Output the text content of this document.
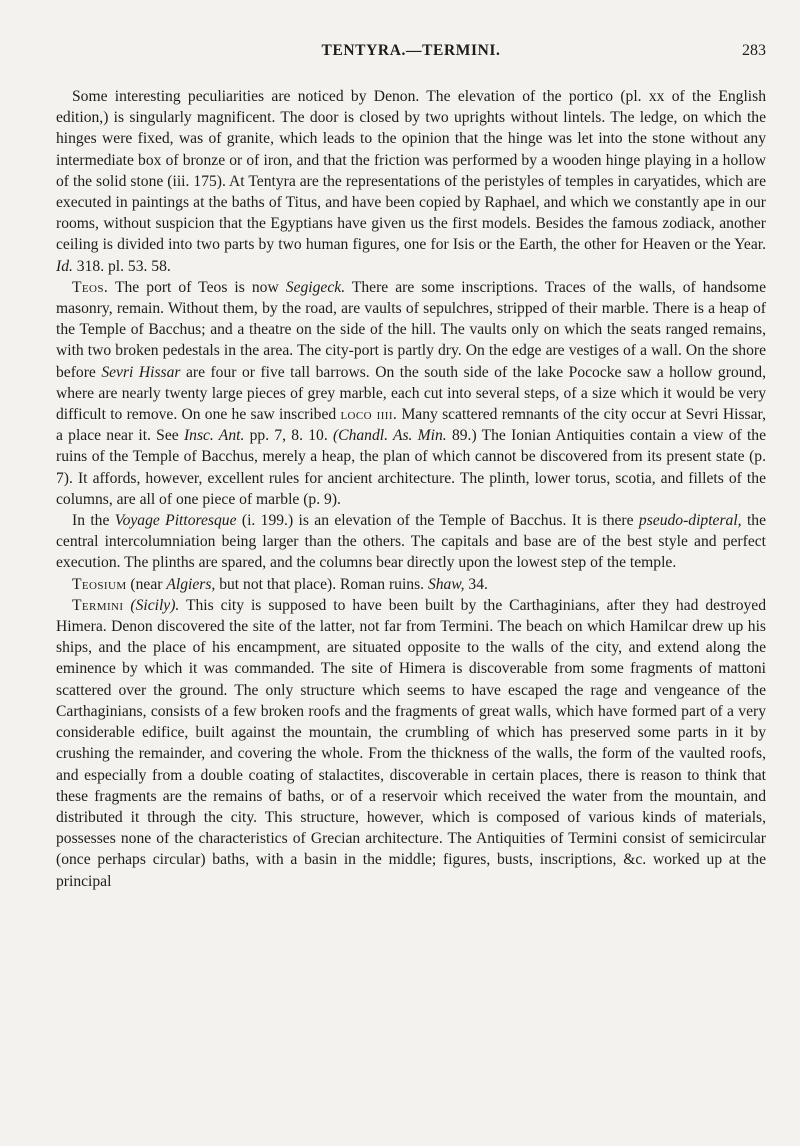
TENTYRA.—TERMINI.	283

Some interesting peculiarities are noticed by Denon. The elevation of the portico (pl. xx of the English edition,) is singularly magnificent. The door is closed by two uprights without lintels. The ledge, on which the hinges were fixed, was of granite, which leads to the opinion that the hinge was let into the stone without any intermediate box of bronze or of iron, and that the friction was performed by a wooden hinge playing in a hollow of the solid stone (iii. 175). At Tentyra are the representations of the peristyles of temples in caryatides, which are executed in paintings at the baths of Titus, and have been copied by Raphael, and which we constantly ape in our rooms, without suspicion that the Egyptians have given us the first models. Besides the famous zodiack, another ceiling is divided into two parts by two human figures, one for Isis or the Earth, the other for Heaven or the Year. Id. 318. pl. 53. 58.

Teos. The port of Teos is now Segigeck. There are some inscriptions. Traces of the walls, of handsome masonry, remain. Without them, by the road, are vaults of sepulchres, stripped of their marble. There is a heap of the Temple of Bacchus; and a theatre on the side of the hill. The vaults only on which the seats ranged remains, with two broken pedestals in the area. The city-port is partly dry. On the edge are vestiges of a wall. On the shore before Sevri Hissar are four or five tall barrows. On the south side of the lake Pococke saw a hollow ground, where are nearly twenty large pieces of grey marble, each cut into several steps, of a size which it would be very difficult to remove. On one he saw inscribed loco iiii. Many scattered remnants of the city occur at Sevri Hissar, a place near it. See Insc. Ant. pp. 7, 8. 10. (Chandl. As. Min. 89.) The Ionian Antiquities contain a view of the ruins of the Temple of Bacchus, merely a heap, the plan of which cannot be discovered from its present state (p. 7). It affords, however, excellent rules for ancient architecture. The plinth, lower torus, scotia, and fillets of the columns, are all of one piece of marble (p. 9).

In the Voyage Pittoresque (i. 199.) is an elevation of the Temple of Bacchus. It is there pseudo-dipteral, the central intercolumniation being larger than the others. The capitals and base are of the best style and perfect execution. The plinths are spared, and the columns bear directly upon the lowest step of the temple.

Teosium (near Algiers, but not that place). Roman ruins. Shaw, 34.

Termini (Sicily). This city is supposed to have been built by the Carthaginians, after they had destroyed Himera. Denon discovered the site of the latter, not far from Termini. The beach on which Hamilcar drew up his ships, and the place of his encampment, are situated opposite to the walls of the city, and extend along the eminence by which it was commanded. The site of Himera is discoverable from some fragments of mattoni scattered over the ground. The only structure which seems to have escaped the rage and vengeance of the Carthaginians, consists of a few broken roofs and the fragments of great walls, which have formed part of a very considerable edifice, built against the mountain, the crumbling of which has preserved some parts in it by crushing the remainder, and covering the whole. From the thickness of the walls, the form of the vaulted roofs, and especially from a double coating of stalactites, discoverable in certain places, there is reason to think that these fragments are the remains of baths, or of a reservoir which received the water from the mountain, and distributed it through the city. This structure, however, which is composed of various kinds of materials, possesses none of the characteristics of Grecian architecture. The Antiquities of Termini consist of semicircular (once perhaps circular) baths, with a basin in the middle; figures, busts, inscriptions, &c. worked up at the principal
